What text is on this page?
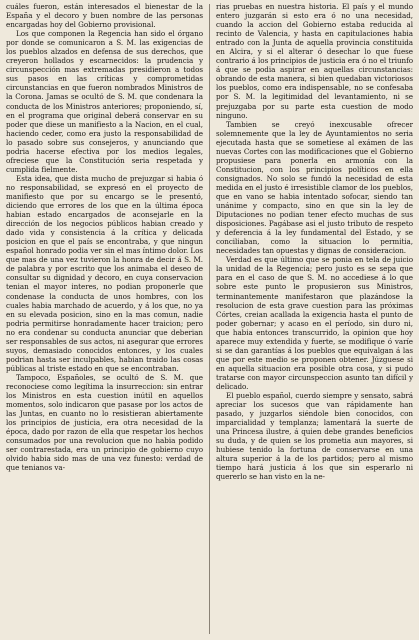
cuáles fueron, están interesados el bienestar de la España y el decoro y buen nombre de las personas encargadas hoy del Gobierno provisional.

Los que componen la Regencia han sido el órgano por donde se comunicaron a S. M. las exigencias de los pueblos alzados en defensa de sus derechos, que creyeron hollados y escarnecidos: la prudencia y circunspección mas extremadas presidieron a todos sus pasos en las críticas y comprometidas circunstancias en que fueron nombrados Ministros de la Corona. Jamas se ocultó de S. M. que condenara la conducta de los Ministros anteriores; proponiendo, sí, en el programa que original deberá conservar en su poder que diese un manifiesto a la Nacion, en el cual, haciendo ceder, como era justo la responsabilidad de lo pasado sobre sus consejeros, y anunciando que podria hacerse efectiva por los medios legales, ofreciese que la Constitución seria respetada y cumplida fielmente.

Esta idea, que dista mucho de prejuzgar si habia ó no responsabilidad, se expresó en el proyecto de manifiesto que por su encargo se le presentó, diciendo que errores de los que en la última época habian estado encargados de aconsejarle en la dirección de los negocios públicos habian creado y dado vida y consistencia á la crítica y delicada posicion en que el país se encontraba, y que ningun español honrado podia ver sin el mas íntimo dolor. Los que mas de una vez tuvieron la honra de decir á S. M. de palabra y por escrito que los animaba el deseo de consultar su dignidad y decoro, en cuya conservacion tenian el mayor interes, no podian proponerle que condenase la conducta de unos hombres, con los cuales habia marchado de acuerdo, y á los que, no ya en su elevada posicion, sino en la mas comun, nadie podria permitirse honradamente hacer traicion; pero no era condenar su conducta anunciar que deberian ser responsables de sus actos, ni asegurar que errores suyos, demasiado conocidos entonces, y los cuales podrian hasta ser inculpables, habian traido las cosas públicas al triste estado en que se encontraban.

Tampoco, Españoles, se ocultó de S. M. que reconociese como legítima la insurreccion: sin entrar los Ministros en esta cuestion inútil en aquellos momentos, solo indicaron que pasase por los actos de las Juntas, en cuanto no lo resistieran abiertamente los principios de justicia, era otra necesidad de la época, dado por razon de ella que respetar los hechos consumados por una revolucion que no habia podido ser contrarestada, era un principio de gobierno cuyo olvido habia sido mas de una vez funesto: verdad de que tenianos va-

rias pruebas en nuestra historia. El país y el mundo entero juzgarán si esto era ó no una necesidad, cuando la accion del Gobierno estaba reducida al recinto de Valencia, y hasta en capitulaciones habia entrado con la Junta de aquella provincia constituida en Alcira, y si el alterar ó desechar lo que fuese contrario á los principios de justicia era ó no el triunfo á que se podia aspirar en aquellas circunstancias: obrando de esta manera, si bien quedaban victoriosos los pueblos, como era indispensable, no se confesaba por S. M. la legitimidad del levantamiento, ni se prejuzgaba por su parte esta cuestion de modo ninguno.

Tambien se creyó inexcusable ofrecer solemnemente que la ley de Ayuntamientos no seria ejecutada hasta que se sometiese al exámen de las nuevas Cortes con las modificaciones que el Gobierno propusiese para ponerla en armonía con la Constitucion, con los principios políticos en ella consignados. No solo se fundó la necesidad de esta medida en el justo é irresistible clamor de los pueblos, que en vano se habia intentado sofocar, siendo tan unánime y compacto, sino en que sin la ley de Diputaciones no podian tener efecto muchas de sus disposiciones. Pagábase asi el justo tributo de respeto y deferencia á la ley fundamental del Estado, y se conciliaban, como la situacion lo permitia, necesidades tan opuestas y dignas de consideracion.

Verdad es que último que se ponia en tela de juicio la unidad de la Regencia; pero justo es se sepa que para en el caso de que S. M. no accediese á lo que sobre este punto le propusieron sus Ministros, terminantemente manifestaron que plazándose la resolucion de esta grave cuestion para las próximas Córtes, creian acallada la exigencia hasta el punto de poder gobernar; y acaso en el período, sin duro ni, que habia entonces transcurrido, la opinion que hoy aparece muy extendida y fuerte, se modifique ó varíe si se dan garantías á los pueblos que equivalgan á las que por este medio se proponen obtener. Júzguese si en aquella situacion era posible otra cosa, y si pudo tratarse con mayor circunspeccion asunto tan difícil y delicado.

El pueblo español, cuerdo siempre y sensato, sabrá apreciar los sucesos que van rápidamente han pasado, y juzgarlos siéndole bien conocidos, con imparcialidad y templanza; lamentará la suerte de una Princesa ilustre, á quien debe grandes beneficios su duda, y de quien se los prometia aun mayores, si hubiese tenido la fortuna de conservarse en una altura superior á la de los partidos; pero al mismo tiempo hará justicia á los que sin esperarlo ni quererlo se han visto en la ne-
